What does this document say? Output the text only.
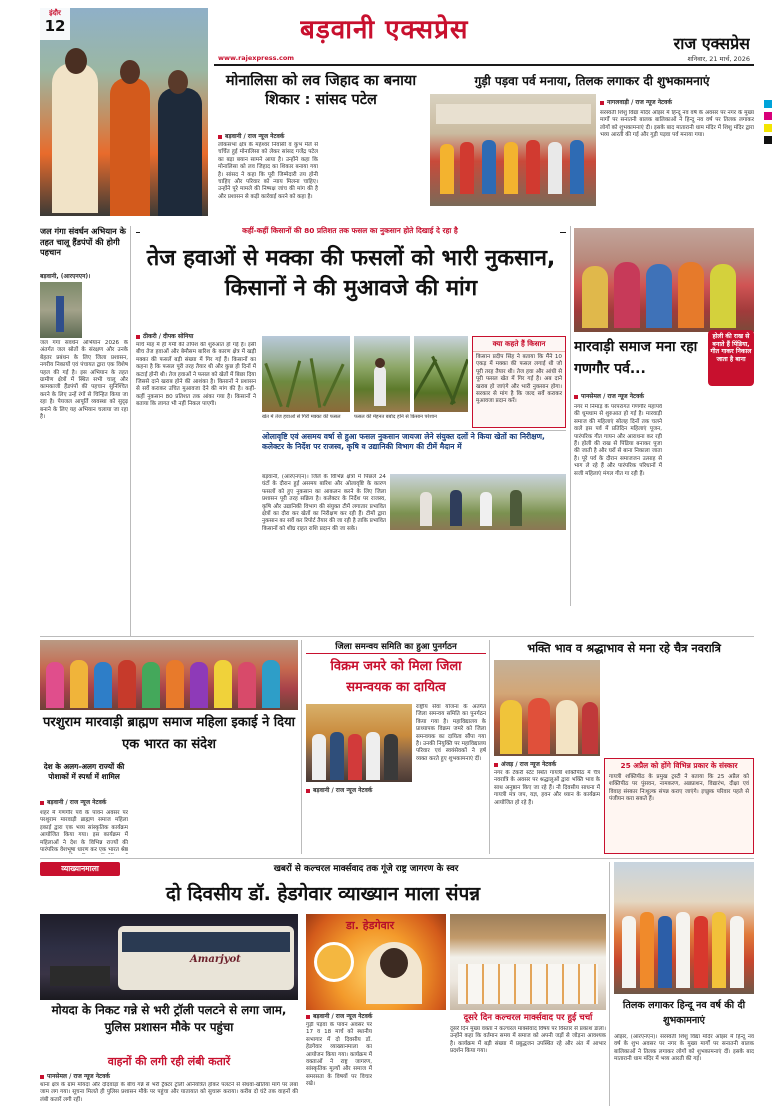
इंदौर
12	बड़वानी एक्सप्रेस
www.rajexpress.com
राज एक्सप्रेस
शनिवार, 21 मार्च, 2026
मोनालिसा को लव जिहाद का बनाया शिकार : सांसद पटेल
बड़वानी / राज न्यूज नेटवर्क
लोकसभा क्षेत्र के महेश्वर निवासी व कुंभ मेले से चर्चित हुई मोनालिसा को लेकर सांसद गजेंद्र पटेल का बड़ा बयान सामने आया है। उन्होंने कहा कि मोनालिसा को लव जिहाद का शिकार बनाया गया है। सांसद ने कहा कि पूरी जिम्मेदारी तय होनी चाहिए और परिवार को न्याय मिलना चाहिए। उन्होंने पूरे मामले की निष्पक्ष जांच की मांग की है और प्रशासन से कड़ी कार्रवाई करने को कहा है।
गुड़ी पड़वा पर्व मनाया, तिलक लगाकर दी शुभकामनाएं
नागलवाड़ी / राज न्यूज नेटवर्क
सरस्वती शिशु विद्या मंदिर ओझर में हिन्दू नव वर्ष के अवसर पर नगर के मुख्य मार्गों पर सनातनी बालक बालिकाओं ने हिन्दू नव वर्ष पर तिलक लगाकर लोगों को शुभकामनाएं दी। इसके बाद मातारानी धाम मंदिर में शिशु मंदिर द्वारा भव्य आरती की गई और गुड़ी पड़वा पर्व मनाया गया।
जल गंगा संवर्धन अभियान के तहत चालू हैंडपंपों की होगी पहचान
बड़वानी, (आरएनएन)।
जल गंगा संवर्धन अभियान 2026 के अंतर्गत जल स्रोतों के संरक्षण और उनके बेहतर प्रबंधन के लिए जिला प्रशासन, नगरीय निकायों एवं पंचायत द्वारा एक विशेष पहल की गई है। इस अभियान के तहत ग्रामीण क्षेत्रों में स्थित सभी चालू और कामकाजी हैंडपंपों की पहचान सुनिश्चित करने के लिए उन्हें रंगों से चिन्हित किया जा रहा है। पेयजल आपूर्ति व्यवस्था को सुदृढ़ बनाने के लिए यह अभियान चलाया जा रहा है।
कहीं-कहीं किसानों की 80 प्रतिशत तक फसल का नुकसान होते दिखाई दे रहा है
तेज हवाओं से मक्का की फसलों को भारी नुकसान, किसानों ने की मुआवजे की मांग
ठीकरी / दीपक सोनिया
मार्च माह में ही गर्मी की तपिश की शुरुआत हो गई है। इसी बीच तेज हवाओं और बेमौसम बारिश के कारण क्षेत्र में खड़ी मक्का की फसलें बड़ी संख्या में गिर गई हैं। किसानों का कहना है कि फसल पूरी तरह तैयार थी और कुछ ही दिनों में कटाई होनी थी। तेज हवाओं ने फसल को खेतों में बिछा दिया जिससे दाने खराब होने की आशंका है। किसानों ने प्रशासन से सर्वे कराकर उचित मुआवजा देने की मांग की है। कहीं-कहीं नुकसान 80 प्रतिशत तक आंका गया है। किसानों ने बताया कि लागत भी नहीं निकल पाएगी।
खेत में तेज हवाओं से गिरी मक्का की फसल	फसल की मेहनत बर्बाद होने से किसान परेशान
क्या कहते हैं किसान
किसान प्रदीप सिंह ने बताया कि मैंने 10 एकड़ में मक्का की फसल लगाई थी जो पूरी तरह तैयार थी। तेज हवा और आंधी से पूरी फसल खेत में गिर गई है। अब दाने खराब हो जाएंगे और भारी नुकसान होगा। सरकार से मांग है कि जल्द सर्वे कराकर मुआवजा प्रदान करें।
ओलावृष्टि एवं असमय वर्षा से हुआ फसल नुकसान जायजा लेने संयुक्त दलों ने किया खेतों का निरीक्षण, कलेक्टर के निर्देश पर राजस्व, कृषि व उद्यानिकी विभाग की टीमें मैदान में
बड़वानी, (आरएनएन)। जिले के विभिन्न क्षेत्रों में पिछले 24 घंटों के दौरान हुई असमय बारिश और ओलावृष्टि के कारण फसलों को हुए नुकसान का आकलन करने के लिए जिला प्रशासन पूरी तरह सक्रिय है। कलेक्टर के निर्देश पर राजस्व, कृषि और उद्यानिकी विभाग की संयुक्त टीमें लगातार प्रभावित क्षेत्रों का दौरा कर खेतों का निरीक्षण कर रही हैं। टीमों द्वारा नुकसान का सर्वे कर रिपोर्ट तैयार की जा रही है ताकि प्रभावित किसानों को शीघ्र राहत राशि प्रदान की जा सके।
मारवाड़ी समाज मना रहा गणगौर पर्व...
होली की राख से बनाते हैं पिंडिया, गीत गाकर निकाल जाता है बाना
पानसेमल / राज न्यूज नेटवर्क
नगर में निमाड़ के परंपरागत गणगौर महापर्व की धूमधाम से शुरुआत हो गई है। मारवाड़ी समाज की महिलाएं सोलह दिनों तक चलने वाले इस पर्व में प्रतिदिन महिलाएं पूजन, पारंपरिक गीत गायन और आराधना कर रही हैं। होली की राख से पिंडिया बनाकर पूजा की जाती है और घरों से बाना निकाला जाता है। पूरे पर्व के दौरान समाजजन उत्साह से भाग ले रहे हैं और पारंपरिक परिधानों में सजी महिलाएं मंगल गीत गा रही हैं।
परशुराम मारवाड़ी ब्राह्मण समाज महिला इकाई ने दिया एक भारत का संदेश
देश के अलग-अलग राज्यों की पोशाकों में स्पर्धा में शामिल
बड़वानी / राज न्यूज नेटवर्क
शहर में गणगौर पर्व के पावन अवसर पर परशुराम मारवाड़ी ब्राह्मण समाज महिला इकाई द्वारा एक भव्य सांस्कृतिक कार्यक्रम आयोजित किया गया। इस कार्यक्रम में महिलाओं ने देश के विभिन्न राज्यों की पारंपरिक वेशभूषा धारण कर एक भारत श्रेष्ठ
जिला समन्वय समिति का हुआ पुनर्गठन
विक्रम जमरे को मिला जिला समन्वयक का दायित्व
बड़वानी / राज न्यूज नेटवर्क
राष्ट्रीय सेवा योजना के अंतर्गत जिला समन्वय समिति का पुनर्गठन किया गया है। महाविद्यालय के प्राध्यापक विक्रम जमरे को जिला समन्वयक का दायित्व सौंपा गया है। उनकी नियुक्ति पर महाविद्यालय परिवार एवं स्वयंसेवकों ने हर्ष व्यक्त करते हुए शुभकामनाएं दीं।
भक्ति भाव व श्रद्धाभाव से मना रहे चैत्र नवरात्रि
अंजड़ / राज न्यूज नेटवर्क
नगर के टेकरी स्टेट स्थित गायत्री शक्तिपीठ में चैत्र नवरात्रि के अवसर पर श्रद्धालुओं द्वारा भक्ति भाव के साथ अनुष्ठान किए जा रहे हैं। नौ दिवसीय साधना में गायत्री मंत्र जप, यज्ञ, हवन और ध्यान के कार्यक्रम आयोजित हो रहे हैं।
25 अप्रैल को होंगे विभिन्न प्रकार के संस्कार
गायत्री शक्तिपीठ के प्रमुख ट्रस्टी ने बताया कि 25 अप्रैल को शक्तिपीठ पर पुंसवन, नामकरण, अन्नप्राशन, विद्यारंभ, दीक्षा एवं विवाह संस्कार निःशुल्क संपन्न कराए जाएंगे। इच्छुक परिवार पहले से पंजीयन करा सकते हैं।
व्याख्यानमाला	खबरों से कल्चरल मार्क्सवाद तक गूंजे राष्ट्र जागरण के स्वर
दो दिवसीय डॉ. हेडगेवार व्याख्यान माला संपन्न
Amarjyot
मोयदा के निकट गन्ने से भरी ट्रॉली पलटने से लगा जाम, पुलिस प्रशासन मौके पर पहुंचा
वाहनों की लगी रही लंबी कतारें
पानसेमल / राज न्यूज नेटवर्क
थाना क्षेत्र के ग्राम मोयदा और दोंदवाड़ा के बीच गन्ने से भरी ट्रैक्टर ट्रॉली अनियंत्रित होकर पलटने से सेंधवा-खेतिया मार्ग पर लंबा जाम लग गया। सूचना मिलते ही पुलिस प्रशासन मौके पर पहुंचा और यातायात को सुचारू कराया। करीब दो घंटे तक वाहनों की लंबी कतारें लगी रहीं।
डा. हेडगेवार
बड़वानी / राज न्यूज नेटवर्क
गुड़ी पड़वा के पावन अवसर पर 17 व 18 मार्च को स्थानीय सभागार में दो दिवसीय डॉ. हेडगेवार व्याख्यानमाला का आयोजन किया गया। कार्यक्रम में वक्ताओं ने राष्ट्र जागरण, सांस्कृतिक मूल्यों और समाज में समरसता के विषयों पर विचार रखे।
दूसरे दिन कल्चरल मार्क्सवाद पर हुई चर्चा
दूसरे दिन मुख्य वक्ता ने कल्चरल मार्क्सवाद विषय पर विस्तार से प्रकाश डाला। उन्होंने कहा कि वर्तमान समय में समाज को अपनी जड़ों से जोड़ना आवश्यक है। कार्यक्रम में बड़ी संख्या में प्रबुद्धजन उपस्थित रहे और अंत में आभार प्रदर्शन किया गया।
तिलक लगाकर हिन्दू नव वर्ष की दी शुभकामनाएं
ओझर, (आरएनएन)। सरस्वती शिशु विद्या मंदिर ओझर में हिन्दू नव वर्ष के शुभ अवसर पर नगर के मुख्य मार्गों पर सनातनी बालक बालिकाओं ने तिलक लगाकर लोगों को शुभकामनाएं दीं। इसके बाद मातारानी धाम मंदिर में भव्य आरती की गई।
